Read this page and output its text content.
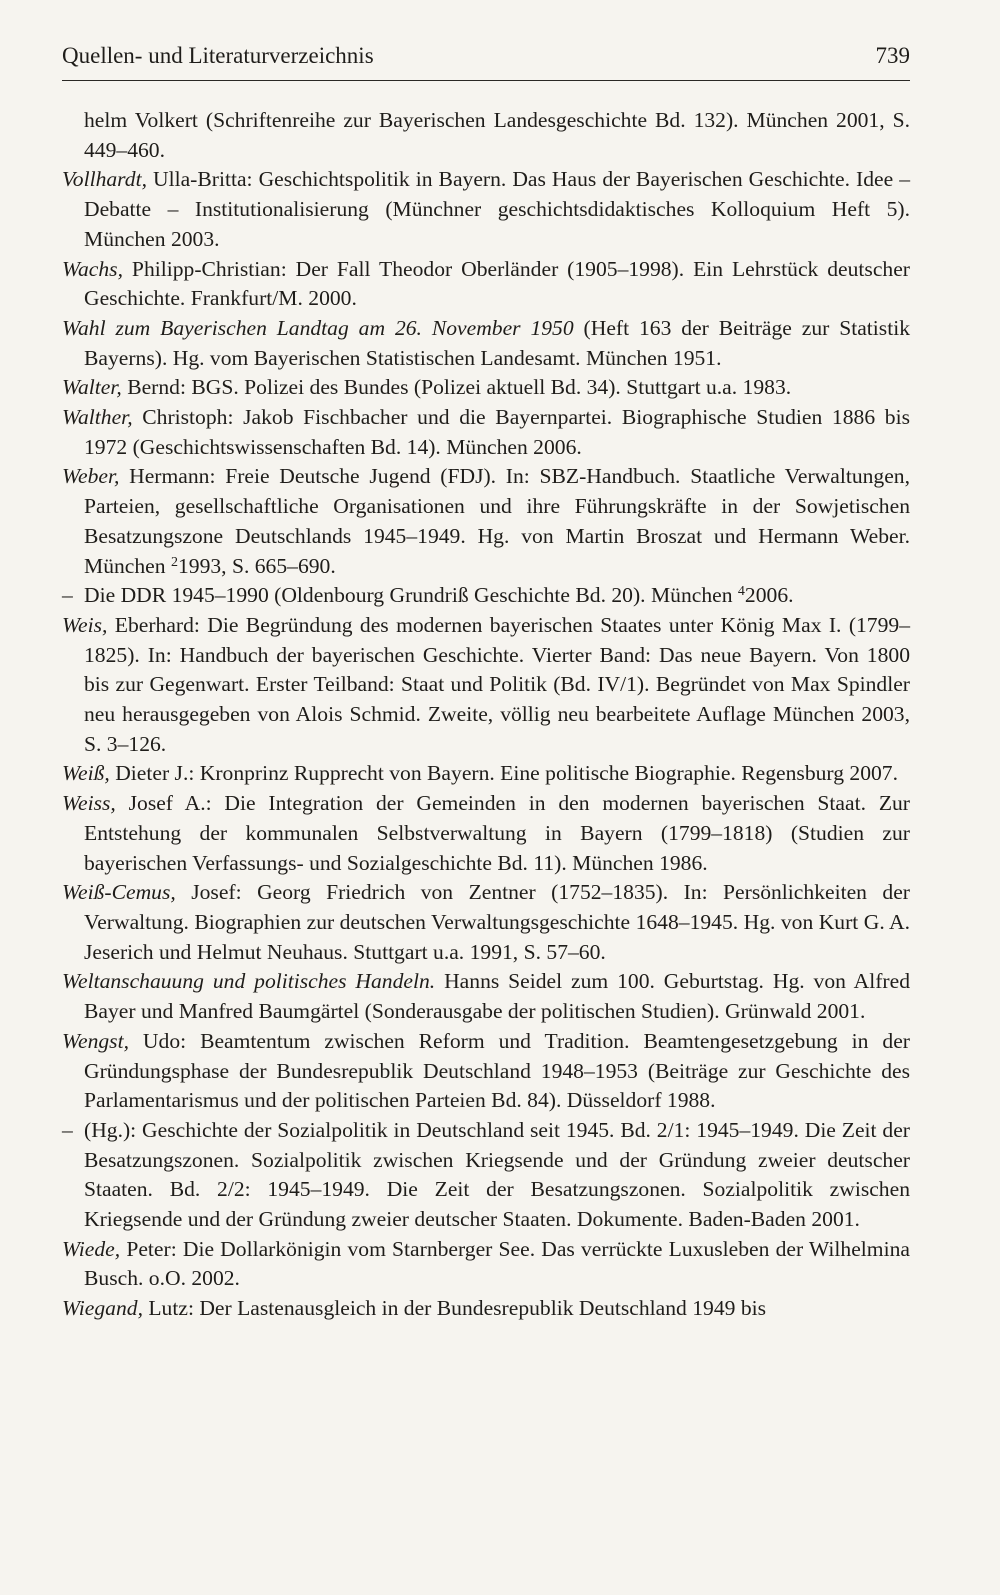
Quellen- und Literaturverzeichnis	739

helm Volkert (Schriftenreihe zur Bayerischen Landesgeschichte Bd. 132). München 2001, S. 449–460.

Vollhardt, Ulla-Britta: Geschichtspolitik in Bayern. Das Haus der Bayerischen Geschichte. Idee – Debatte – Institutionalisierung (Münchner geschichtsdidaktisches Kolloquium Heft 5). München 2003.

Wachs, Philipp-Christian: Der Fall Theodor Oberländer (1905–1998). Ein Lehrstück deutscher Geschichte. Frankfurt/M. 2000.

Wahl zum Bayerischen Landtag am 26. November 1950 (Heft 163 der Beiträge zur Statistik Bayerns). Hg. vom Bayerischen Statistischen Landesamt. München 1951.

Walter, Bernd: BGS. Polizei des Bundes (Polizei aktuell Bd. 34). Stuttgart u.a. 1983.

Walther, Christoph: Jakob Fischbacher und die Bayernpartei. Biographische Studien 1886 bis 1972 (Geschichtswissenschaften Bd. 14). München 2006.

Weber, Hermann: Freie Deutsche Jugend (FDJ). In: SBZ-Handbuch. Staatliche Verwaltungen, Parteien, gesellschaftliche Organisationen und ihre Führungskräfte in der Sowjetischen Besatzungszone Deutschlands 1945–1949. Hg. von Martin Broszat und Hermann Weber. München $^2$1993, S. 665–690.

– Die DDR 1945–1990 (Oldenbourg Grundriß Geschichte Bd. 20). München $^4$2006.

Weis, Eberhard: Die Begründung des modernen bayerischen Staates unter König Max I. (1799–1825). In: Handbuch der bayerischen Geschichte. Vierter Band: Das neue Bayern. Von 1800 bis zur Gegenwart. Erster Teilband: Staat und Politik (Bd. IV/1). Begründet von Max Spindler neu herausgegeben von Alois Schmid. Zweite, völlig neu bearbeitete Auflage München 2003, S. 3–126.

Weiß, Dieter J.: Kronprinz Rupprecht von Bayern. Eine politische Biographie. Regensburg 2007.

Weiss, Josef A.: Die Integration der Gemeinden in den modernen bayerischen Staat. Zur Entstehung der kommunalen Selbstverwaltung in Bayern (1799–1818) (Studien zur bayerischen Verfassungs- und Sozialgeschichte Bd. 11). München 1986.

Weiß-Cemus, Josef: Georg Friedrich von Zentner (1752–1835). In: Persönlichkeiten der Verwaltung. Biographien zur deutschen Verwaltungsgeschichte 1648–1945. Hg. von Kurt G. A. Jeserich und Helmut Neuhaus. Stuttgart u.a. 1991, S. 57–60.

Weltanschauung und politisches Handeln. Hanns Seidel zum 100. Geburtstag. Hg. von Alfred Bayer und Manfred Baumgärtel (Sonderausgabe der politischen Studien). Grünwald 2001.

Wengst, Udo: Beamtentum zwischen Reform und Tradition. Beamtengesetzgebung in der Gründungsphase der Bundesrepublik Deutschland 1948–1953 (Beiträge zur Geschichte des Parlamentarismus und der politischen Parteien Bd. 84). Düsseldorf 1988.

– (Hg.): Geschichte der Sozialpolitik in Deutschland seit 1945. Bd. 2/1: 1945–1949. Die Zeit der Besatzungszonen. Sozialpolitik zwischen Kriegsende und der Gründung zweier deutscher Staaten. Bd. 2/2: 1945–1949. Die Zeit der Besatzungszonen. Sozialpolitik zwischen Kriegsende und der Gründung zweier deutscher Staaten. Dokumente. Baden-Baden 2001.

Wiede, Peter: Die Dollarkönigin vom Starnberger See. Das verrückte Luxusleben der Wilhelmina Busch. o.O. 2002.

Wiegand, Lutz: Der Lastenausgleich in der Bundesrepublik Deutschland 1949 bis
